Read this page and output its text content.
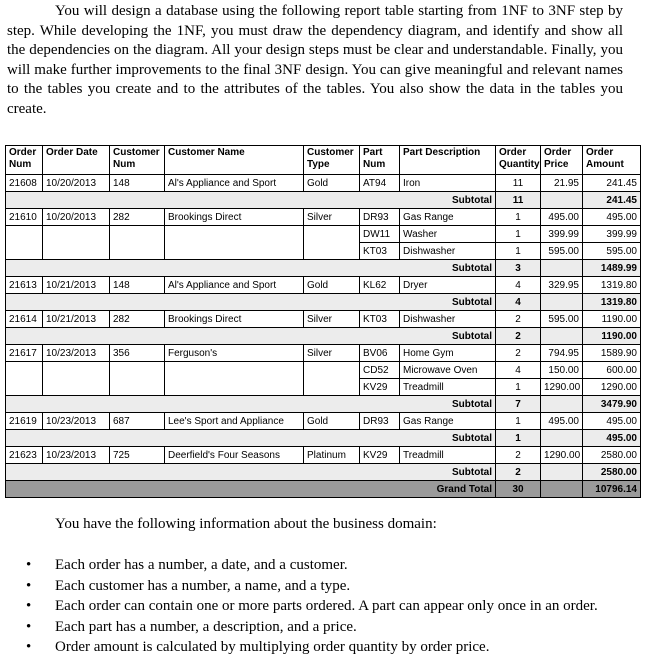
You will design a database using the following report table starting from 1NF to 3NF step by step. While developing the 1NF, you must draw the dependency diagram, and identify and show all the dependencies on the diagram. All your design steps must be clear and understandable. Finally, you will make further improvements to the final 3NF design. You can give meaningful and relevant names to the tables you create and to the attributes of the tables. You also show the data in the tables you create.

Order Num	Order Date	Customer Num	Customer Name	Customer Type	Part Num	Part Description	Order Quantity	Order Price	Order Amount
21608	10/20/2013	148	Al's Appliance and Sport	Gold	AT94	Iron	11	21.95	241.45
Subtotal							11		241.45
21610	10/20/2013	282	Brookings Direct	Silver	DR93	Gas Range	1	495.00	495.00
					DW11	Washer	1	399.99	399.99
					KT03	Dishwasher	1	595.00	595.00
Subtotal							3		1489.99
21613	10/21/2013	148	Al's Appliance and Sport	Gold	KL62	Dryer	4	329.95	1319.80
Subtotal							4		1319.80
21614	10/21/2013	282	Brookings Direct	Silver	KT03	Dishwasher	2	595.00	1190.00
Subtotal							2		1190.00
21617	10/23/2013	356	Ferguson's	Silver	BV06	Home Gym	2	794.95	1589.90
					CD52	Microwave Oven	4	150.00	600.00
					KV29	Treadmill	1	1290.00	1290.00
Subtotal							7		3479.90
21619	10/23/2013	687	Lee's Sport and Appliance	Gold	DR93	Gas Range	1	495.00	495.00
Subtotal							1		495.00
21623	10/23/2013	725	Deerfield's Four Seasons	Platinum	KV29	Treadmill	2	1290.00	2580.00
Subtotal							2		2580.00
Grand Total							30		10796.14

You have the following information about the business domain:

• Each order has a number, a date, and a customer.
• Each customer has a number, a name, and a type.
• Each order can contain one or more parts ordered. A part can appear only once in an order.
• Each part has a number, a description, and a price.
• Order amount is calculated by multiplying order quantity by order price.
